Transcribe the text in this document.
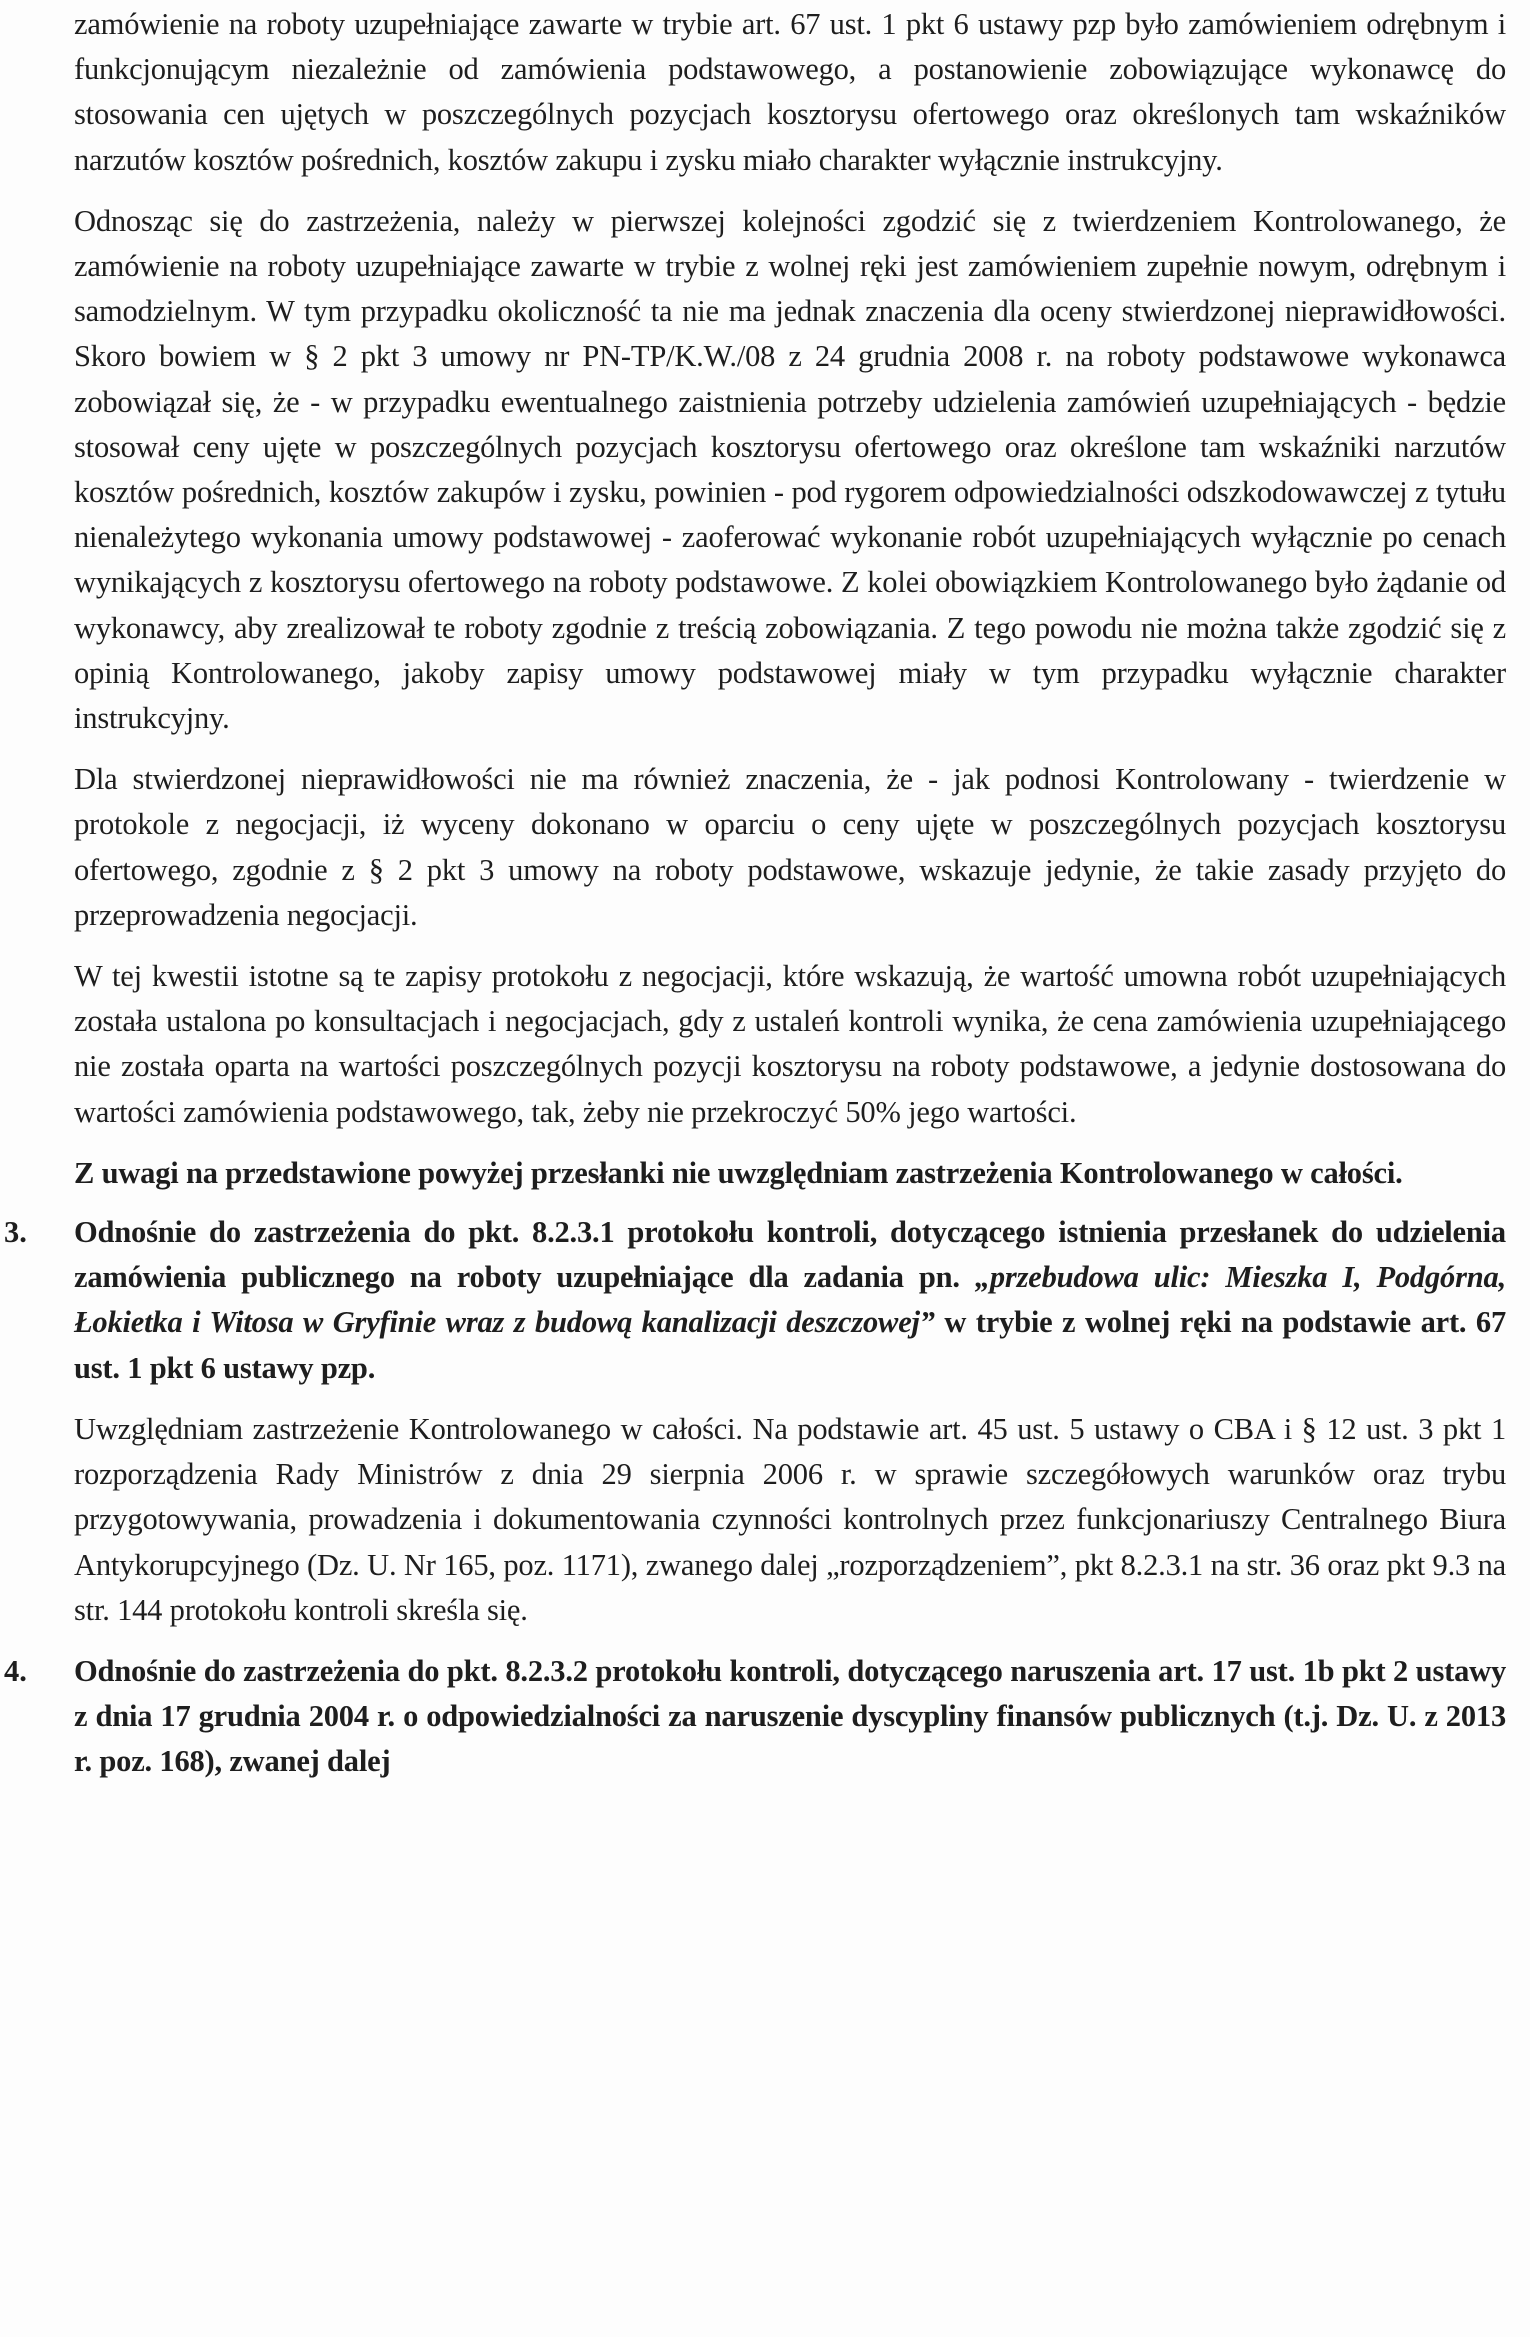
zamówienie na roboty uzupełniające zawarte w trybie art. 67 ust. 1 pkt 6 ustawy pzp było zamówieniem odrębnym i funkcjonującym niezależnie od zamówienia podstawowego, a postanowienie zobowiązujące wykonawcę do stosowania cen ujętych w poszczególnych pozycjach kosztorysu ofertowego oraz określonych tam wskaźników narzutów kosztów pośrednich, kosztów zakupu i zysku miało charakter wyłącznie instrukcyjny.

Odnosząc się do zastrzeżenia, należy w pierwszej kolejności zgodzić się z twierdzeniem Kontrolowanego, że zamówienie na roboty uzupełniające zawarte w trybie z wolnej ręki jest zamówieniem zupełnie nowym, odrębnym i samodzielnym. W tym przypadku okoliczność ta nie ma jednak znaczenia dla oceny stwierdzonej nieprawidłowości. Skoro bowiem w § 2 pkt 3 umowy nr PN-TP/K.W./08 z 24 grudnia 2008 r. na roboty podstawowe wykonawca zobowiązał się, że - w przypadku ewentualnego zaistnienia potrzeby udzielenia zamówień uzupełniających - będzie stosował ceny ujęte w poszczególnych pozycjach kosztorysu ofertowego oraz określone tam wskaźniki narzutów kosztów pośrednich, kosztów zakupów i zysku, powinien - pod rygorem odpowiedzialności odszkodowawczej z tytułu nienależytego wykonania umowy podstawowej - zaoferować wykonanie robót uzupełniających wyłącznie po cenach wynikających z kosztorysu ofertowego na roboty podstawowe. Z kolei obowiązkiem Kontrolowanego było żądanie od wykonawcy, aby zrealizował te roboty zgodnie z treścią zobowiązania. Z tego powodu nie można także zgodzić się z opinią Kontrolowanego, jakoby zapisy umowy podstawowej miały w tym przypadku wyłącznie charakter instrukcyjny.

Dla stwierdzonej nieprawidłowości nie ma również znaczenia, że - jak podnosi Kontrolowany - twierdzenie w protokole z negocjacji, iż wyceny dokonano w oparciu o ceny ujęte w poszczególnych pozycjach kosztorysu ofertowego, zgodnie z § 2 pkt 3 umowy na roboty podstawowe, wskazuje jedynie, że takie zasady przyjęto do przeprowadzenia negocjacji.

W tej kwestii istotne są te zapisy protokołu z negocjacji, które wskazują, że wartość umowna robót uzupełniających została ustalona po konsultacjach i negocjacjach, gdy z ustaleń kontroli wynika, że cena zamówienia uzupełniającego nie została oparta na wartości poszczególnych pozycji kosztorysu na roboty podstawowe, a jedynie dostosowana do wartości zamówienia podstawowego, tak, żeby nie przekroczyć 50% jego wartości.

Z uwagi na przedstawione powyżej przesłanki nie uwzględniam zastrzeżenia Kontrolowanego w całości.

3. Odnośnie do zastrzeżenia do pkt. 8.2.3.1 protokołu kontroli, dotyczącego istnienia przesłanek do udzielenia zamówienia publicznego na roboty uzupełniające dla zadania pn. „przebudowa ulic: Mieszka I, Podgórna, Łokietka i Witosa w Gryfinie wraz z budową kanalizacji deszczowej” w trybie z wolnej ręki na podstawie art. 67 ust. 1 pkt 6 ustawy pzp.

Uwzględniam zastrzeżenie Kontrolowanego w całości. Na podstawie art. 45 ust. 5 ustawy o CBA i § 12 ust. 3 pkt 1 rozporządzenia Rady Ministrów z dnia 29 sierpnia 2006 r. w sprawie szczegółowych warunków oraz trybu przygotowywania, prowadzenia i dokumentowania czynności kontrolnych przez funkcjonariuszy Centralnego Biura Antykorupcyjnego (Dz. U. Nr 165, poz. 1171), zwanego dalej „rozporządzeniem”, pkt 8.2.3.1 na str. 36 oraz pkt 9.3 na str. 144 protokołu kontroli skreśla się.

4. Odnośnie do zastrzeżenia do pkt. 8.2.3.2 protokołu kontroli, dotyczącego naruszenia art. 17 ust. 1b pkt 2 ustawy z dnia 17 grudnia 2004 r. o odpowiedzialności za naruszenie dyscypliny finansów publicznych (t.j. Dz. U. z 2013 r. poz. 168), zwanej dalej
